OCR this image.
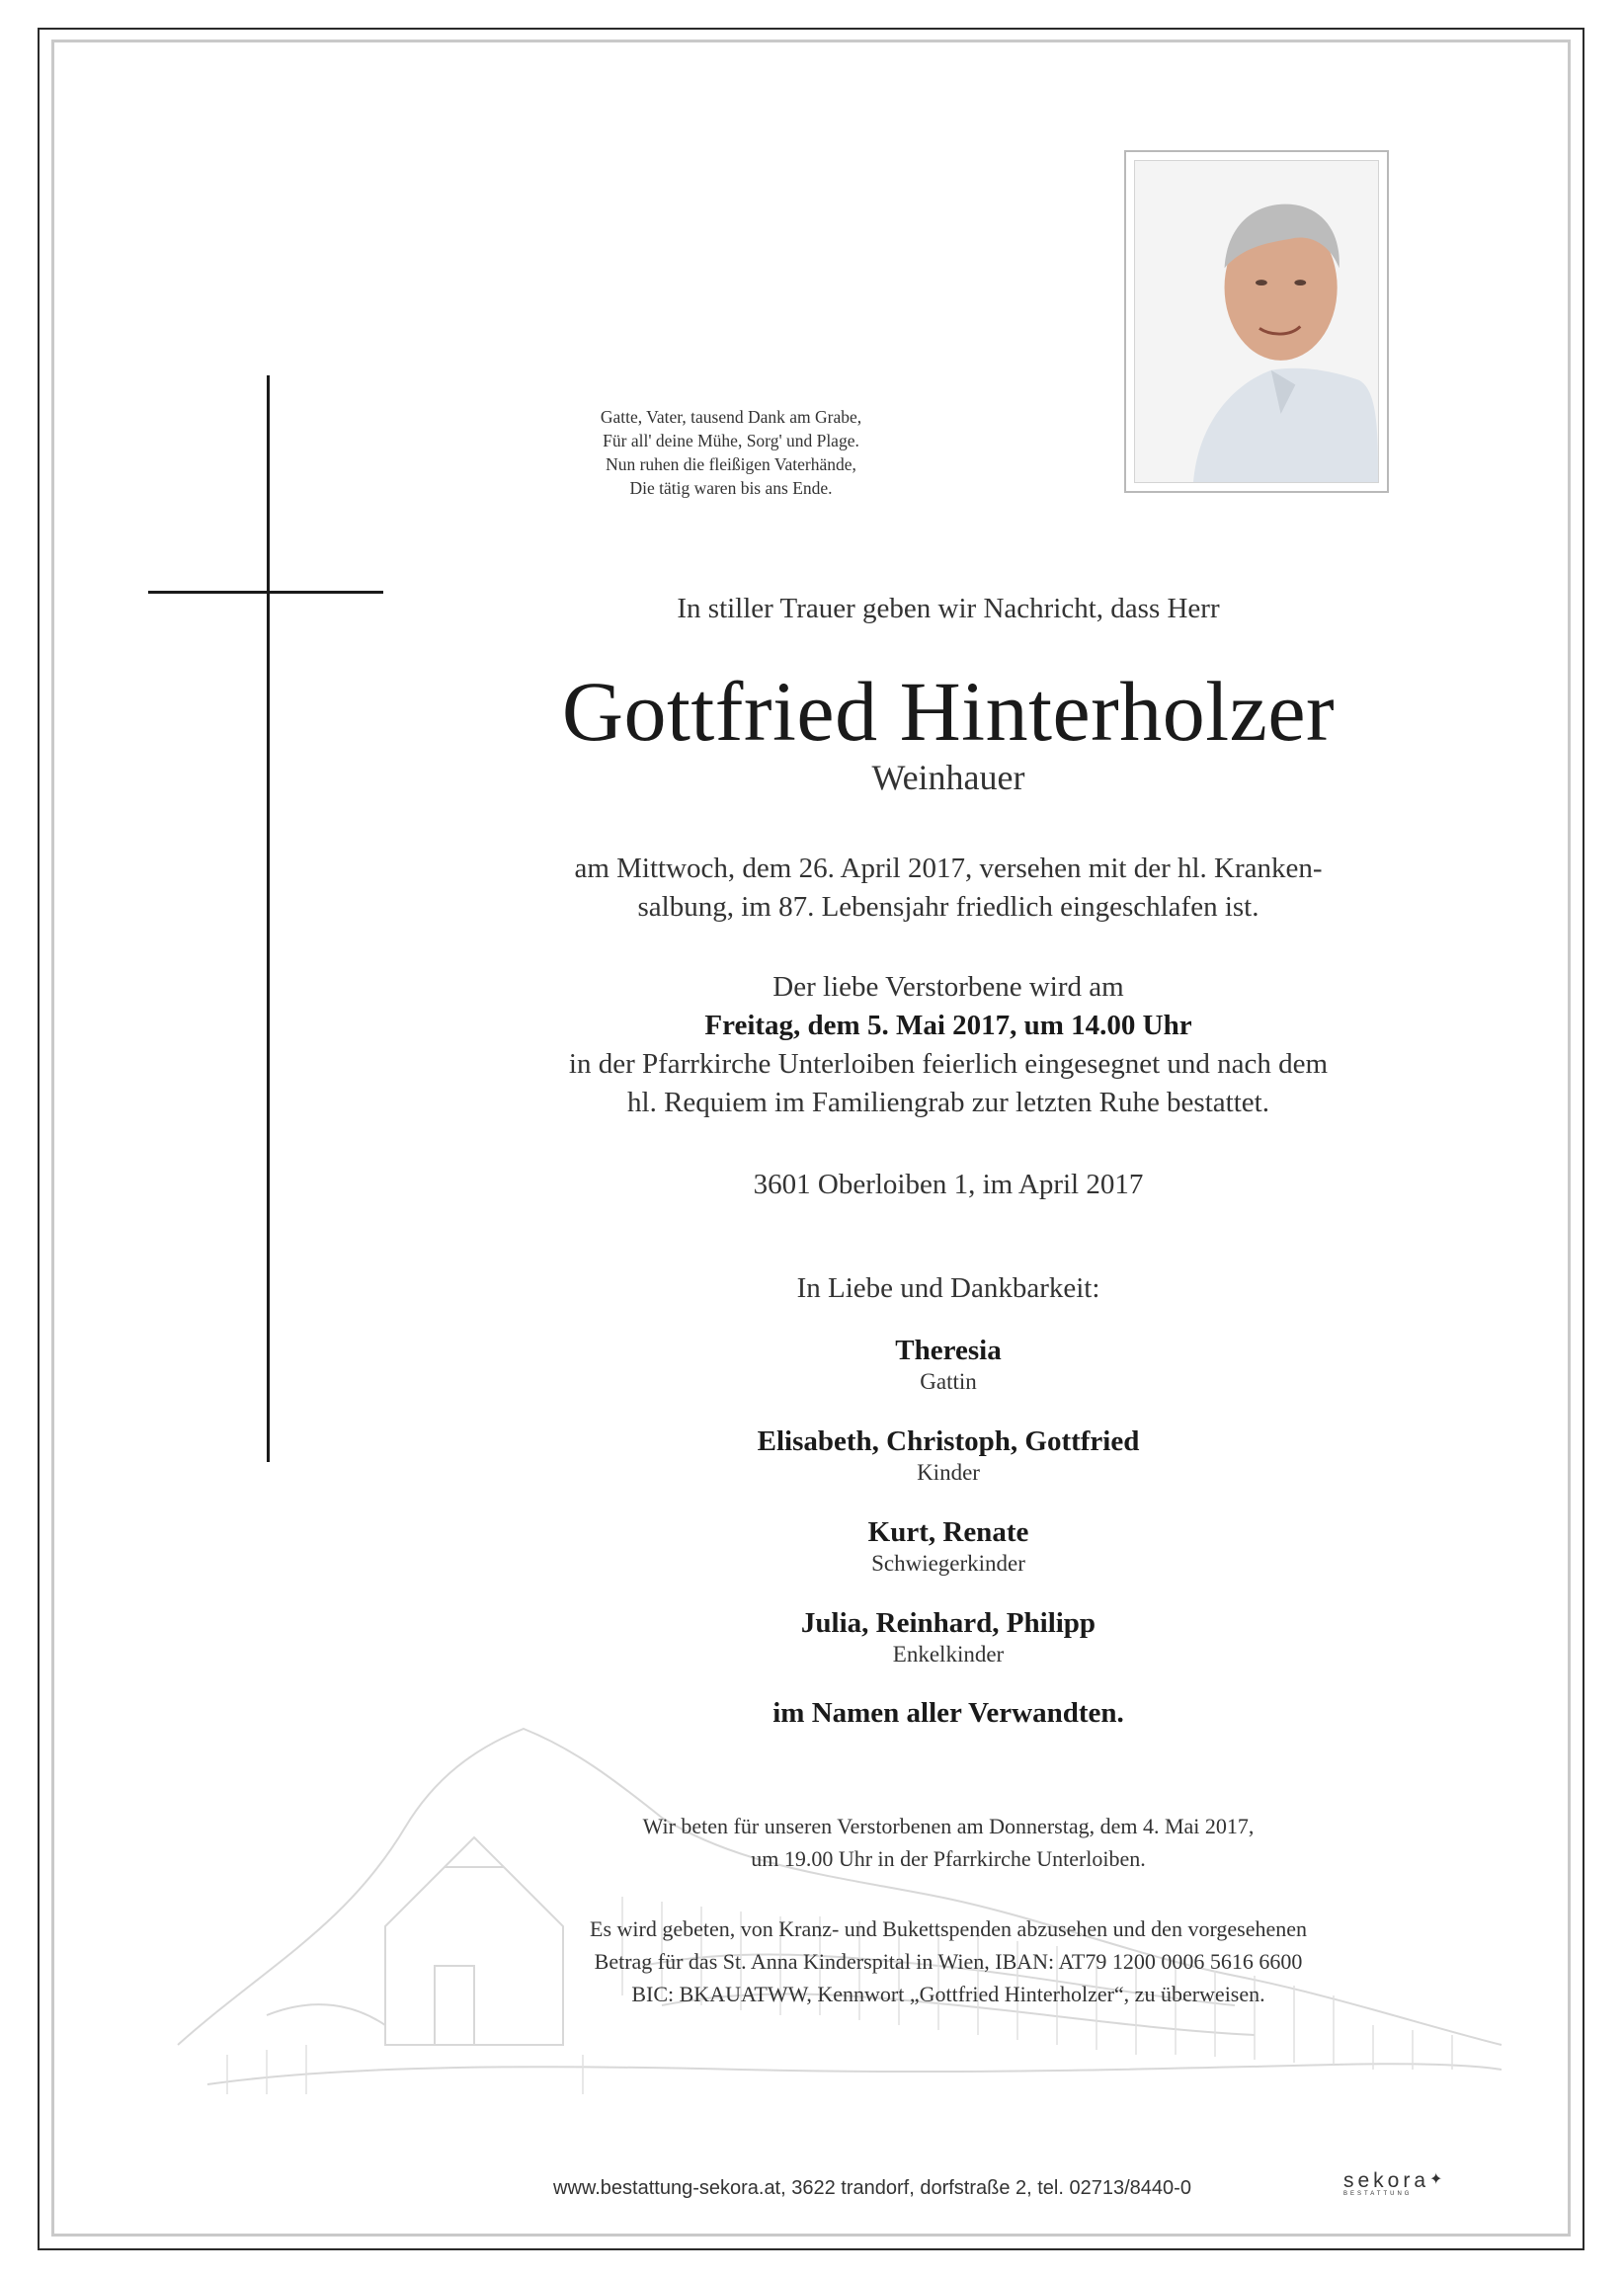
Gatte, Vater, tausend Dank am Grabe,
Für all' deine Mühe, Sorg' und Plage.
Nun ruhen die fleißigen Vaterhände,
Die tätig waren bis ans Ende.
In stiller Trauer geben wir Nachricht, dass Herr
Gottfried Hinterholzer
Weinhauer
am Mittwoch, dem 26. April 2017, versehen mit der hl. Kranken-
salbung, im 87. Lebensjahr friedlich eingeschlafen ist.
Der liebe Verstorbene wird am
Freitag, dem 5. Mai 2017, um 14.00 Uhr
in der Pfarrkirche Unterloiben feierlich eingesegnet und nach dem
hl. Requiem im Familiengrab zur letzten Ruhe bestattet.
3601 Oberloiben 1, im April 2017
In Liebe und Dankbarkeit:
Theresia
Gattin
Elisabeth, Christoph, Gottfried
Kinder
Kurt, Renate
Schwiegerkinder
Julia, Reinhard, Philipp
Enkelkinder
im Namen aller Verwandten.
Wir beten für unseren Verstorbenen am Donnerstag, dem 4. Mai 2017,
um 19.00 Uhr in der Pfarrkirche Unterloiben.
Es wird gebeten, von Kranz- und Bukettspenden abzusehen und den vorgesehenen
Betrag für das St. Anna Kinderspital in Wien, IBAN: AT79 1200 0006 5616 6600
BIC: BKAUATWW, Kennwort „Gottfried Hinterholzer“, zu überweisen.
www.bestattung-sekora.at, 3622 trandorf, dorfstraße 2, tel. 02713/8440-0	sekora✦
BESTATTUNG
